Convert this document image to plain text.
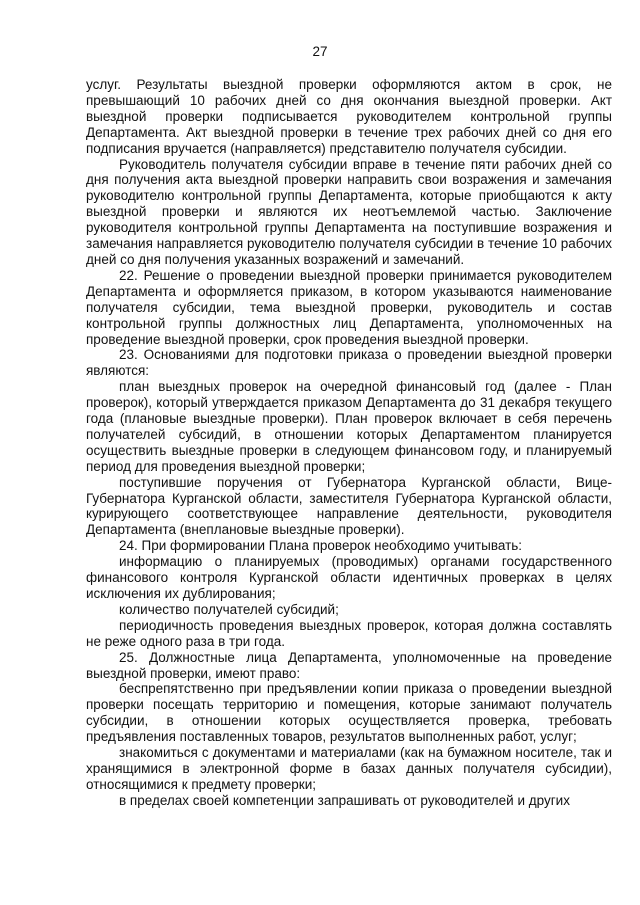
27

услуг. Результаты выездной проверки оформляются актом в срок, не превышающий 10 рабочих дней со дня окончания выездной проверки. Акт выездной проверки подписывается руководителем контрольной группы Департамента. Акт выездной проверки в течение трех рабочих дней со дня его подписания вручается (направляется) представителю получателя субсидии.

Руководитель получателя субсидии вправе в течение пяти рабочих дней со дня получения акта выездной проверки направить свои возражения и замечания руководителю контрольной группы Департамента, которые приобщаются к акту выездной проверки и являются их неотъемлемой частью. Заключение руководителя контрольной группы Департамента на поступившие возражения и замечания направляется руководителю получателя субсидии в течение 10 рабочих дней со дня получения указанных возражений и замечаний.

22. Решение о проведении выездной проверки принимается руководителем Департамента и оформляется приказом, в котором указываются наименование получателя субсидии, тема выездной проверки, руководитель и состав контрольной группы должностных лиц Департамента, уполномоченных на проведение выездной проверки, срок проведения выездной проверки.

23. Основаниями для подготовки приказа о проведении выездной проверки являются:

план выездных проверок на очередной финансовый год (далее - План проверок), который утверждается приказом Департамента до 31 декабря текущего года (плановые выездные проверки). План проверок включает в себя перечень получателей субсидий, в отношении которых Департаментом планируется осуществить выездные проверки в следующем финансовом году, и планируемый период для проведения выездной проверки;

поступившие поручения от Губернатора Курганской области, Вице-Губернатора Курганской области, заместителя Губернатора Курганской области, курирующего соответствующее направление деятельности, руководителя Департамента (внеплановые выездные проверки).

24. При формировании Плана проверок необходимо учитывать:

информацию о планируемых (проводимых) органами государственного финансового контроля Курганской области идентичных проверках в целях исключения их дублирования;

количество получателей субсидий;

периодичность проведения выездных проверок, которая должна составлять не реже одного раза в три года.

25. Должностные лица Департамента, уполномоченные на проведение выездной проверки, имеют право:

беспрепятственно при предъявлении копии приказа о проведении выездной проверки посещать территорию и помещения, которые занимают получатель субсидии, в отношении которых осуществляется проверка, требовать предъявления поставленных товаров, результатов выполненных работ, услуг;

знакомиться с документами и материалами (как на бумажном носителе, так и хранящимися в электронной форме в базах данных получателя субсидии), относящимися к предмету проверки;

в пределах своей компетенции запрашивать от руководителей и других
